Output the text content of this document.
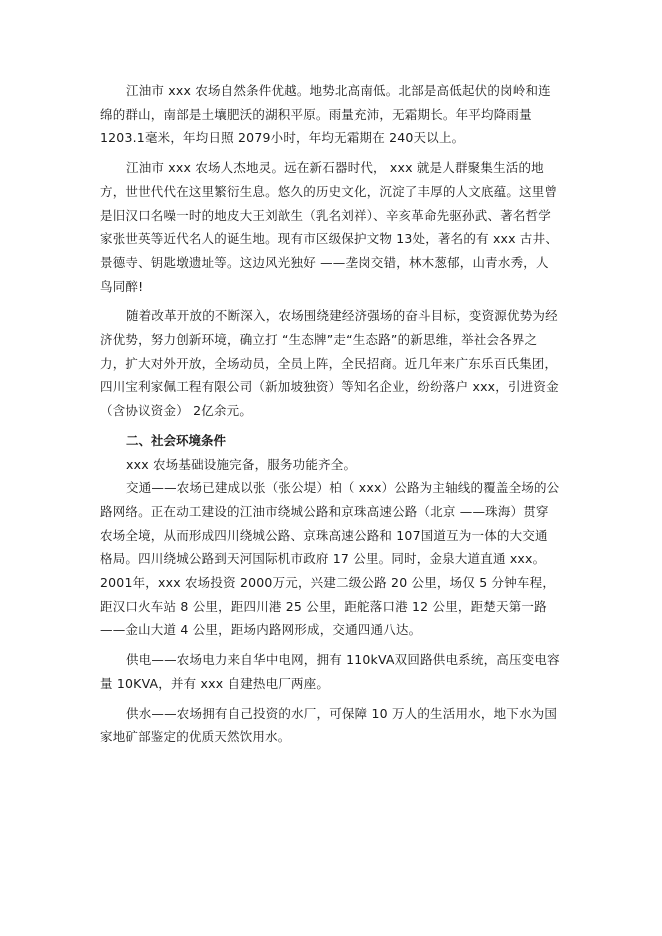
江油市 xxx 农场自然条件优越。地势北高南低。北部是高低起伏的岗岭和连绵的群山，南部是土壤肥沃的湖积平原。雨量充沛，无霜期长。年平均降雨量 1203.1毫米，年均日照 2079小时，年均无霜期在 240天以上。

江油市 xxx 农场人杰地灵。远在新石器时代， xxx 就是人群聚集生活的地方，世世代代在这里繁衍生息。悠久的历史文化，沉淀了丰厚的人文底蕴。这里曾是旧汉口名噪一时的地皮大王刘歆生（乳名刘祥）、辛亥革命先驱孙武、著名哲学家张世英等近代名人的诞生地。现有市区级保护文物 13处，著名的有 xxx 古井、景德寺、钥匙墩遗址等。这边风光独好 ——垄岗交错，林木葱郁，山青水秀，人鸟同醉!

随着改革开放的不断深入，农场围绕建经济强场的奋斗目标，变资源优势为经济优势，努力创新环境，确立打 “生态牌”走“生态路”的新思维，举社会各界之力，扩大对外开放，全场动员，全员上阵，全民招商。近几年来广东乐百氏集团，四川宝利家佩工程有限公司（新加坡独资）等知名企业，纷纷落户 xxx，引进资金（含协议资金） 2亿余元。

二、社会环境条件

xxx 农场基础设施完备，服务功能齐全。

交通——农场已建成以张（张公堤）柏（ xxx）公路为主轴线的覆盖全场的公路网络。正在动工建设的江油市绕城公路和京珠高速公路（北京 ——珠海）贯穿农场全境，从而形成四川绕城公路、京珠高速公路和 107国道互为一体的大交通格局。四川绕城公路到天河国际机市政府 17 公里。同时，金泉大道直通 xxx。2001年，xxx 农场投资 2000万元，兴建二级公路 20 公里，场仅 5 分钟车程，距汉口火车站 8 公里，距四川港 25 公里，距舵落口港 12 公里，距楚天第一路——金山大道 4 公里，距场内路网形成，交通四通八达。

供电——农场电力来自华中电网，拥有 110kVA双回路供电系统，高压变电容量 10KVA，并有 xxx 自建热电厂两座。

供水——农场拥有自己投资的水厂，可保障 10 万人的生活用水，地下水为国家地矿部鉴定的优质天然饮用水。
